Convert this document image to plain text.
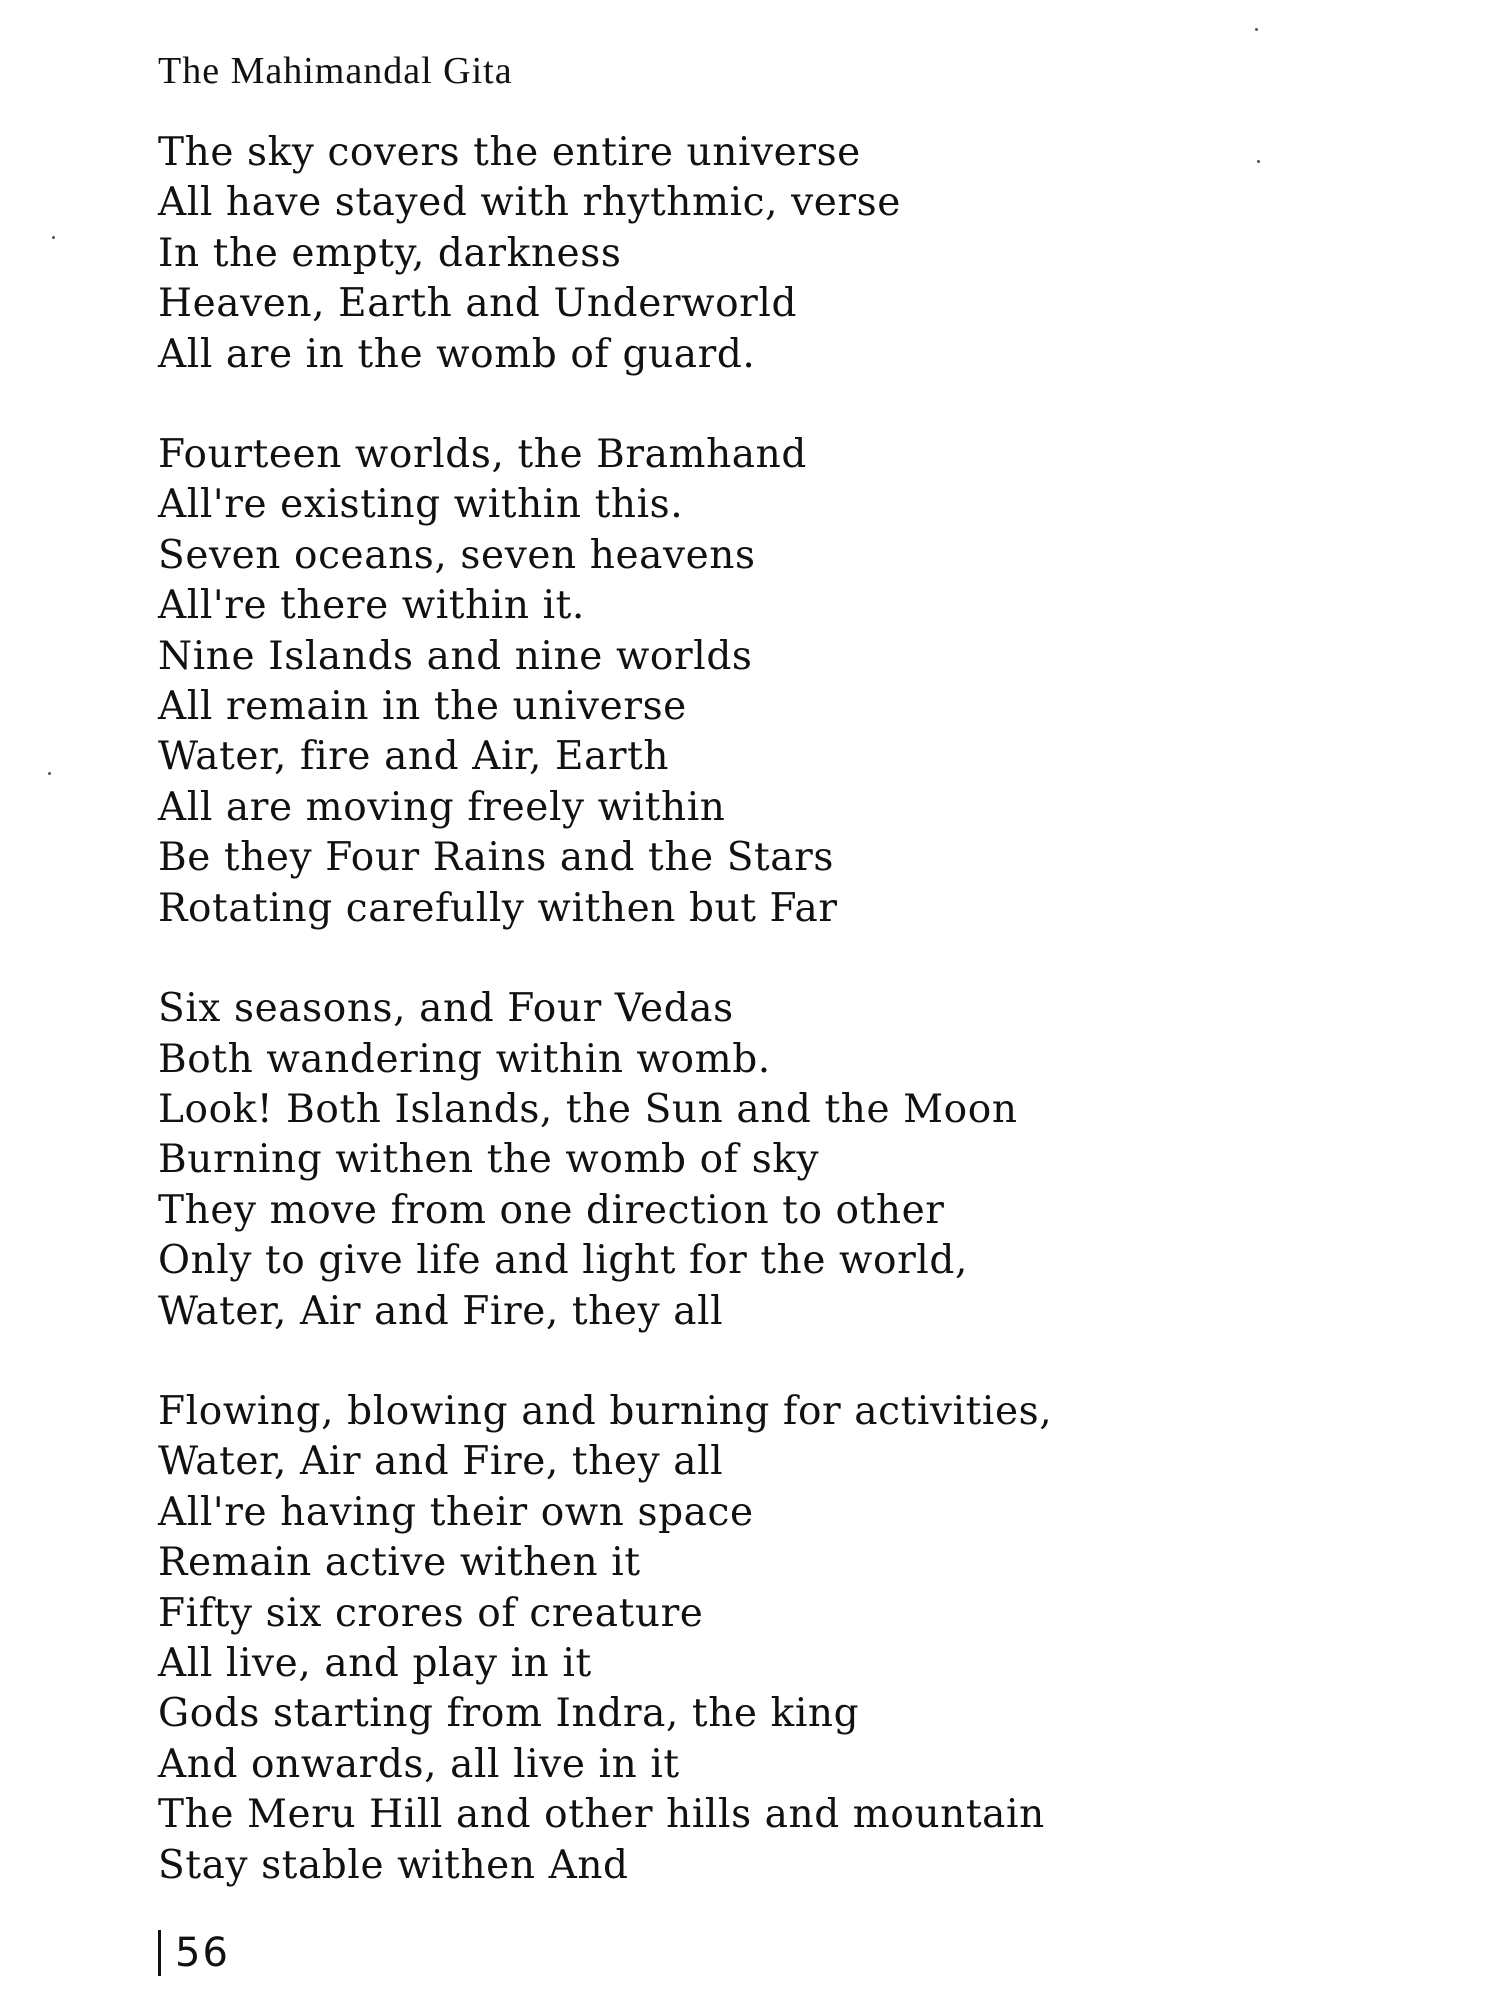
The Mahimandal Gita
The sky covers the entire universe
All have stayed with rhythmic, verse
In the empty, darkness
Heaven, Earth and Underworld
All are in the womb of guard.
Fourteen worlds, the Bramhand
All're existing within this.
Seven oceans, seven heavens
All're there within it.
Nine Islands and nine worlds
All remain in the universe
Water, fire and Air, Earth
All are moving freely within
Be they Four Rains and the Stars
Rotating carefully withen but Far
Six seasons, and Four Vedas
Both wandering within womb.
Look! Both Islands, the Sun and the Moon
Burning withen the womb of sky
They move from one direction to other
Only to give life and light for the world,
Water, Air and Fire, they all
Flowing, blowing and burning for activities,
Water, Air and Fire, they all
All're having their own space
Remain active withen it
Fifty six crores of creature
All live, and play in it
Gods starting from Indra, the king
And onwards, all live in it
The Meru Hill and other hills and mountain
Stay stable withen And
56
